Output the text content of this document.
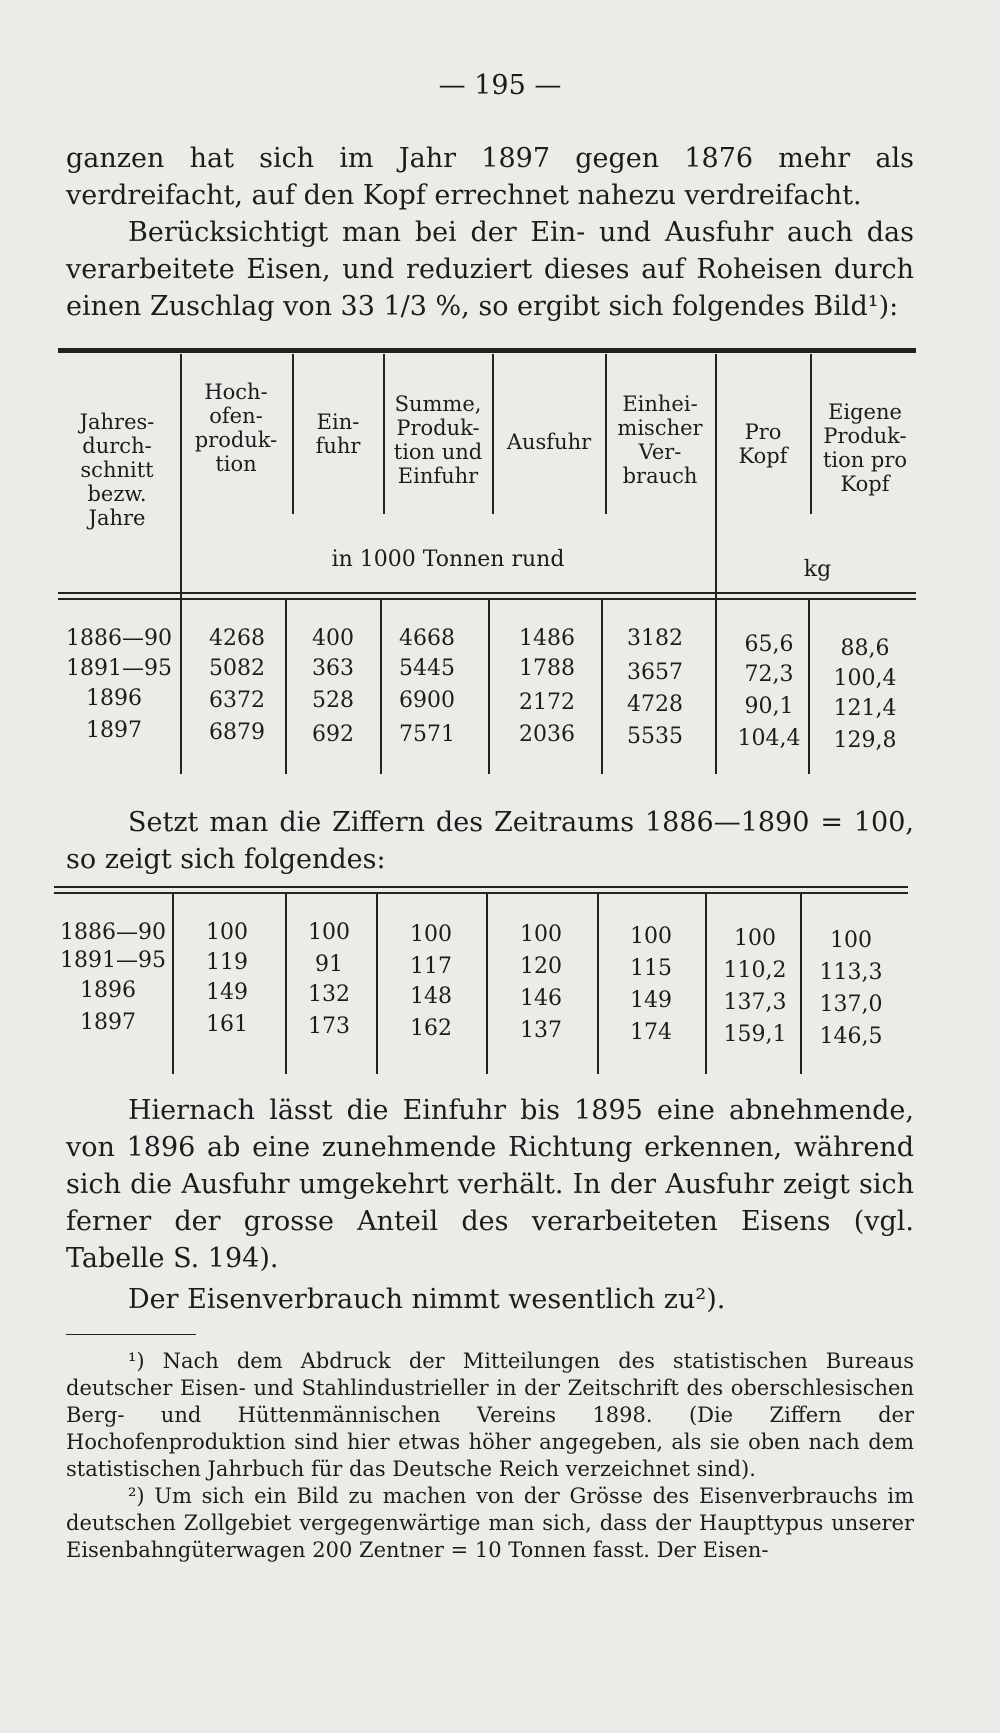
— 195 —

ganzen hat sich im Jahr 1897 gegen 1876 mehr als verdreifacht, auf den Kopf errechnet nahezu verdreifacht.

Berücksichtigt man bei der Ein- und Ausfuhr auch das verarbeitete Eisen, und reduziert dieses auf Roheisen durch einen Zuschlag von 33 1/3 %, so ergibt sich folgendes Bild¹):

Jahres-durch-schnitt bezw. Jahre
Hoch-ofen-produk-tion
Ein-fuhr
Summe, Produk-tion und Einfuhr
Ausfuhr
Einhei-mischer Ver-brauch
Pro Kopf
Eigene Produk-tion pro Kopf
in 1000 Tonnen rund	kg
1886—90	4268	400	4668	1486	3182	65,6	88,6
1891—95	5082	363	5445	1788	3657	72,3	100,4
1896	6372	528	6900	2172	4728	90,1	121,4
1897	6879	692	7571	2036	5535	104,4	129,8

Setzt man die Ziffern des Zeitraums 1886—1890 = 100, so zeigt sich folgendes:

1886—90	100	100	100	100	100	100	100
1891—95	119	91	117	120	115	110,2	113,3
1896	149	132	148	146	149	137,3	137,0
1897	161	173	162	137	174	159,1	146,5

Hiernach lässt die Einfuhr bis 1895 eine abnehmende, von 1896 ab eine zunehmende Richtung erkennen, während sich die Ausfuhr umgekehrt verhält. In der Ausfuhr zeigt sich ferner der grosse Anteil des verarbeiteten Eisens (vgl. Tabelle S. 194).

Der Eisenverbrauch nimmt wesentlich zu²).

¹) Nach dem Abdruck der Mitteilungen des statistischen Bureaus deutscher Eisen- und Stahlindustrieller in der Zeitschrift des oberschlesischen Berg- und Hüttenmännischen Vereins 1898. (Die Ziffern der Hochofenproduktion sind hier etwas höher angegeben, als sie oben nach dem statistischen Jahrbuch für das Deutsche Reich verzeichnet sind).

²) Um sich ein Bild zu machen von der Grösse des Eisenverbrauchs im deutschen Zollgebiet vergegenwärtige man sich, dass der Haupttypus unserer Eisenbahngüterwagen 200 Zentner = 10 Tonnen fasst. Der Eisen-
